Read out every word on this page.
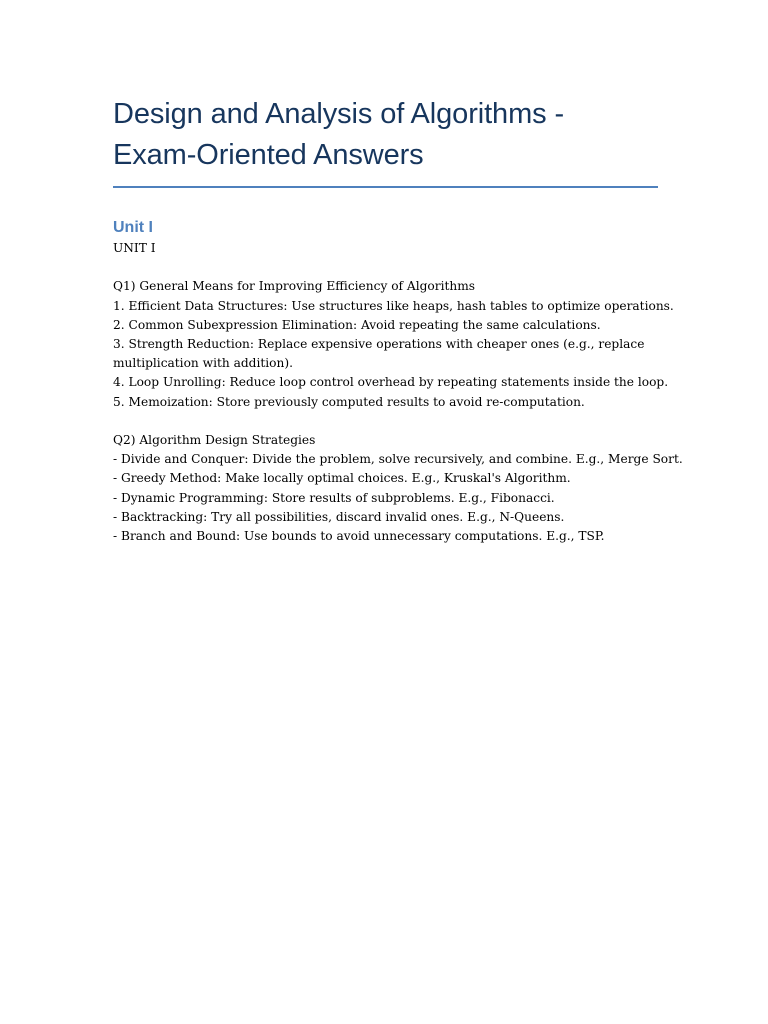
Design and Analysis of Algorithms -
Exam-Oriented Answers
Unit I
UNIT I
Q1) General Means for Improving Efficiency of Algorithms
1. Efficient Data Structures: Use structures like heaps, hash tables to optimize operations.
2. Common Subexpression Elimination: Avoid repeating the same calculations.
3. Strength Reduction: Replace expensive operations with cheaper ones (e.g., replace
multiplication with addition).
4. Loop Unrolling: Reduce loop control overhead by repeating statements inside the loop.
5. Memoization: Store previously computed results to avoid re-computation.
Q2) Algorithm Design Strategies
- Divide and Conquer: Divide the problem, solve recursively, and combine. E.g., Merge Sort.
- Greedy Method: Make locally optimal choices. E.g., Kruskal's Algorithm.
- Dynamic Programming: Store results of subproblems. E.g., Fibonacci.
- Backtracking: Try all possibilities, discard invalid ones. E.g., N-Queens.
- Branch and Bound: Use bounds to avoid unnecessary computations. E.g., TSP.
